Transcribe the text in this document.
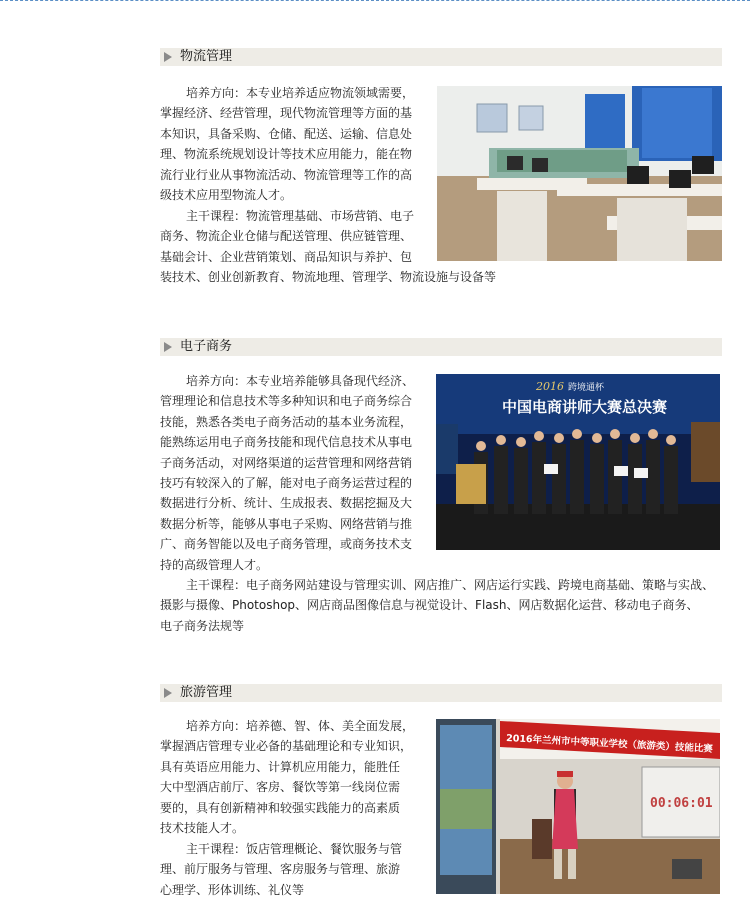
物流管理
培养方向：本专业培养适应物流领域需要，
掌握经济、经营管理，现代物流管理等方面的基
本知识，具备采购、仓储、配送、运输、信息处
理、物流系统规划设计等技术应用能力，能在物
流行业行业从事物流活动、物流管理等工作的高
级技术应用型物流人才。
主干课程：物流管理基础、市场营销、电子
商务、物流企业仓储与配送管理、供应链管理、
基础会计、企业营销策划、商品知识与养护、包
装技术、创业创新教育、物流地理、管理学、物流设施与设备等
电子商务
培养方向：本专业培养能够具备现代经济、
管理理论和信息技术等多种知识和电子商务综合
技能，熟悉各类电子商务活动的基本业务流程，
能熟练运用电子商务技能和现代信息技术从事电
子商务活动，对网络渠道的运营管理和网络营销
技巧有较深入的了解，能对电子商务运营过程的
数据进行分析、统计、生成报表、数据挖掘及大
数据分析等，能够从事电子采购、网络营销与推
广、商务智能以及电子商务管理，或商务技术支
持的高级管理人才。
主干课程：电子商务网站建设与管理实训、网店推广、网店运行实践、跨境电商基础、策略与实战、
摄影与摄像、Photoshop、网店商品图像信息与视觉设计、Flash、网店数据化运营、移动电子商务、
电子商务法规等
2016 跨境通杯
中国电商讲师大赛总决赛
旅游管理
培养方向：培养德、智、体、美全面发展，
掌握酒店管理专业必备的基础理论和专业知识，
具有英语应用能力、计算机应用能力，能胜任
大中型酒店前厅、客房、餐饮等第一线岗位需
要的，具有创新精神和较强实践能力的高素质
技术技能人才。
主干课程：饭店管理概论、餐饮服务与管
理、前厅服务与管理、客房服务与管理、旅游
心理学、形体训练、礼仪等
2016年兰州市中等职业学校（旅游类）技能比赛
00:06:01
